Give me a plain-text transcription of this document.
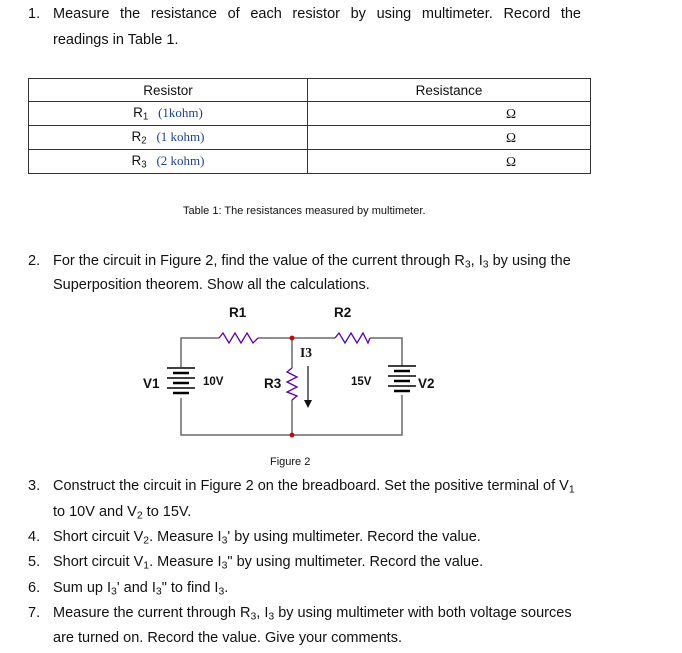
1. Measure the resistance of each resistor by using multimeter. Record the
readings in Table 1.
Resistor	Resistance
$R_1$ (1kohm)	Ω
$R_2$ (1 kohm)	Ω
$R_3$ (2 kohm)	Ω
Table 1: The resistances measured by multimeter.
2. For the circuit in Figure 2, find the value of the current through $R_3$, $I_3$ by using the
Superposition theorem. Show all the calculations.
R1	R2
I3
V1	10V	R3	15V	V2
Figure 2
3. Construct the circuit in Figure 2 on the breadboard. Set the positive terminal of $V_1$
to 10V and $V_2$ to 15V.
4. Short circuit $V_2$. Measure $I_3'$ by using multimeter. Record the value.
5. Short circuit $V_1$. Measure $I_3$" by using multimeter. Record the value.
6. Sum up $I_3'$ and $I_3$" to find $I_3$.
7. Measure the current through $R_3$, $I_3$ by using multimeter with both voltage sources
are turned on. Record the value. Give your comments.
